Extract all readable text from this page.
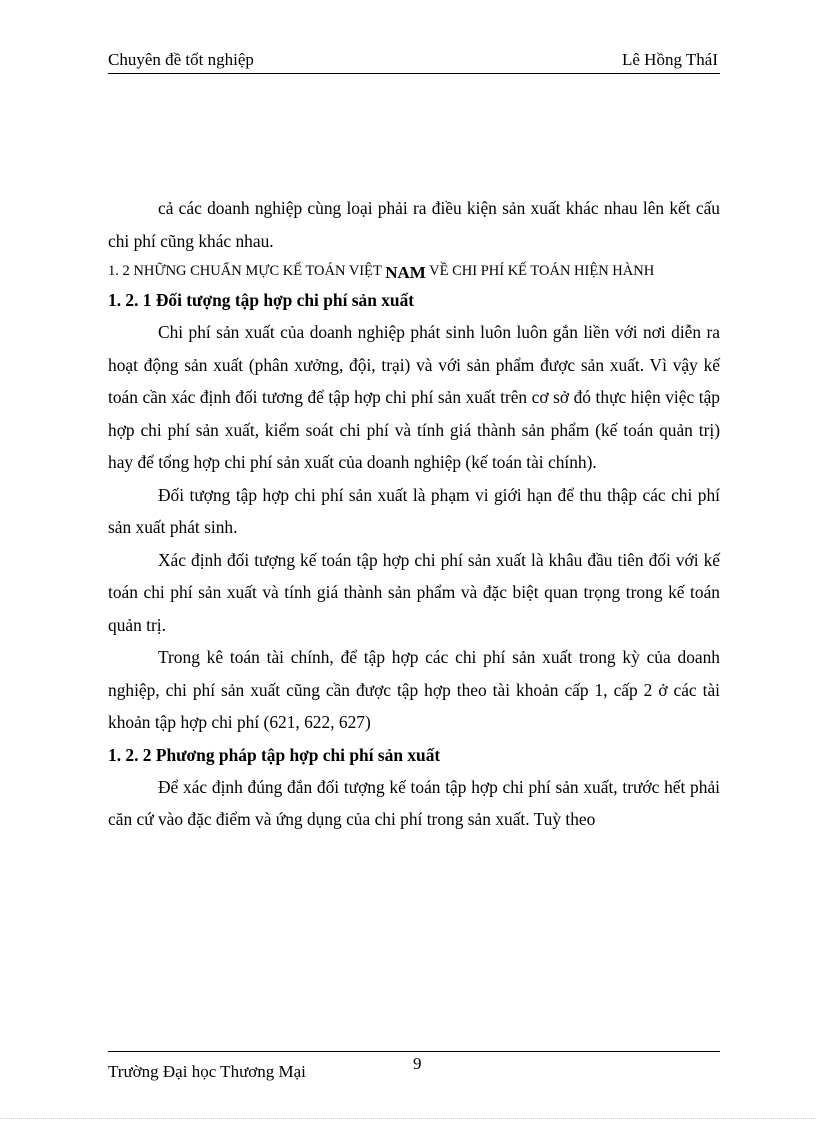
Chuyên đề tốt nghiệp	Lê Hồng TháI

cả các doanh nghiệp cùng loại phải ra điều kiện sản xuất khác nhau lên kết cấu chi phí cũng khác nhau.

1. 2 NHỮNG CHUẨN MỰC KẾ TOÁN VIỆT NAM VỀ CHI PHÍ KẾ TOÁN HIỆN HÀNH

1. 2. 1 Đối tượng tập hợp chi phí sản xuất

Chi phí sản xuất của doanh nghiệp phát sinh luôn luôn gắn liền với nơi diễn ra hoạt động sản xuất (phân xưởng, đội, trại) và với sản phẩm được sản xuất. Vì vậy kế toán cần xác định đối tương để tập hợp chi phí sản xuất trên cơ sở đó thực hiện việc tập hợp chi phí sản xuất, kiểm soát chi phí và tính giá thành sản phẩm (kế toán quản trị) hay để tổng hợp chi phí sản xuất của doanh nghiệp (kế toán tài chính).

Đối tượng tập hợp chi phí sản xuất là phạm vi giới hạn để thu thập các chi phí sản xuất phát sinh.

Xác định đối tượng kế toán tập hợp chi phí sản xuất là khâu đầu tiên đối với kế toán chi phí sản xuất và tính giá thành sản phẩm và đặc biệt quan trọng trong kế toán quản trị.

Trong kê toán tài chính, để tập hợp các chi phí sản xuất trong kỳ của doanh nghiệp, chi phí sản xuất cũng cần được tập hợp theo tài khoản cấp 1, cấp 2 ở các tài khoản tập hợp chi phí (621, 622, 627)

1. 2. 2 Phương pháp tập hợp chi phí sản xuất

Để xác định đúng đắn đối tượng kế toán tập hợp chi phí sản xuất, trước hết phải căn cứ vào đặc điểm và ứng dụng của chi phí trong sản xuất. Tuỳ theo

Trường Đại học Thương Mại	9
